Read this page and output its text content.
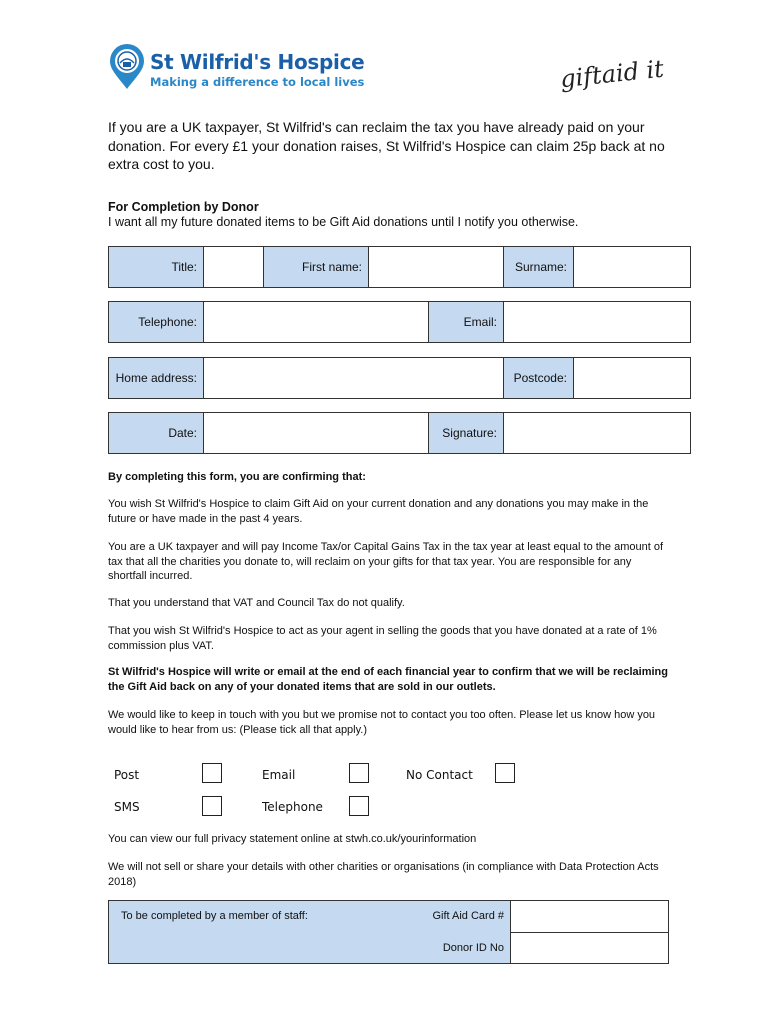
St Wilfrid's Hospice
Making a difference to local lives	giftaid it
If you are a UK taxpayer, St Wilfrid's can reclaim the tax you have already paid on your donation. For every £1 your donation raises, St Wilfrid's Hospice can claim 25p back at no extra cost to you.
For Completion by Donor
I want all my future donated items to be Gift Aid donations until I notify you otherwise.
Title:	First name:	Surname:
Telephone:	Email:
Home address:	Postcode:
Date:	Signature:
By completing this form, you are confirming that:
You wish St Wilfrid's Hospice to claim Gift Aid on your current donation and any donations you may make in the future or have made in the past 4 years.
You are a UK taxpayer and will pay Income Tax/or Capital Gains Tax in the tax year at least equal to the amount of tax that all the charities you donate to, will reclaim on your gifts for that tax year. You are responsible for any shortfall incurred.
That you understand that VAT and Council Tax do not qualify.
That you wish St Wilfrid's Hospice to act as your agent in selling the goods that you have donated at a rate of 1% commission plus VAT.
St Wilfrid's Hospice will write or email at the end of each financial year to confirm that we will be reclaiming the Gift Aid back on any of your donated items that are sold in our outlets.
We would like to keep in touch with you but we promise not to contact you too often. Please let us know how you would like to hear from us: (Please tick all that apply.)
Post	Email	No Contact
SMS	Telephone
You can view our full privacy statement online at stwh.co.uk/yourinformation
We will not sell or share your details with other charities or organisations (in compliance with Data Protection Acts 2018)
To be completed by a member of staff:	Gift Aid Card #
Donor ID No
